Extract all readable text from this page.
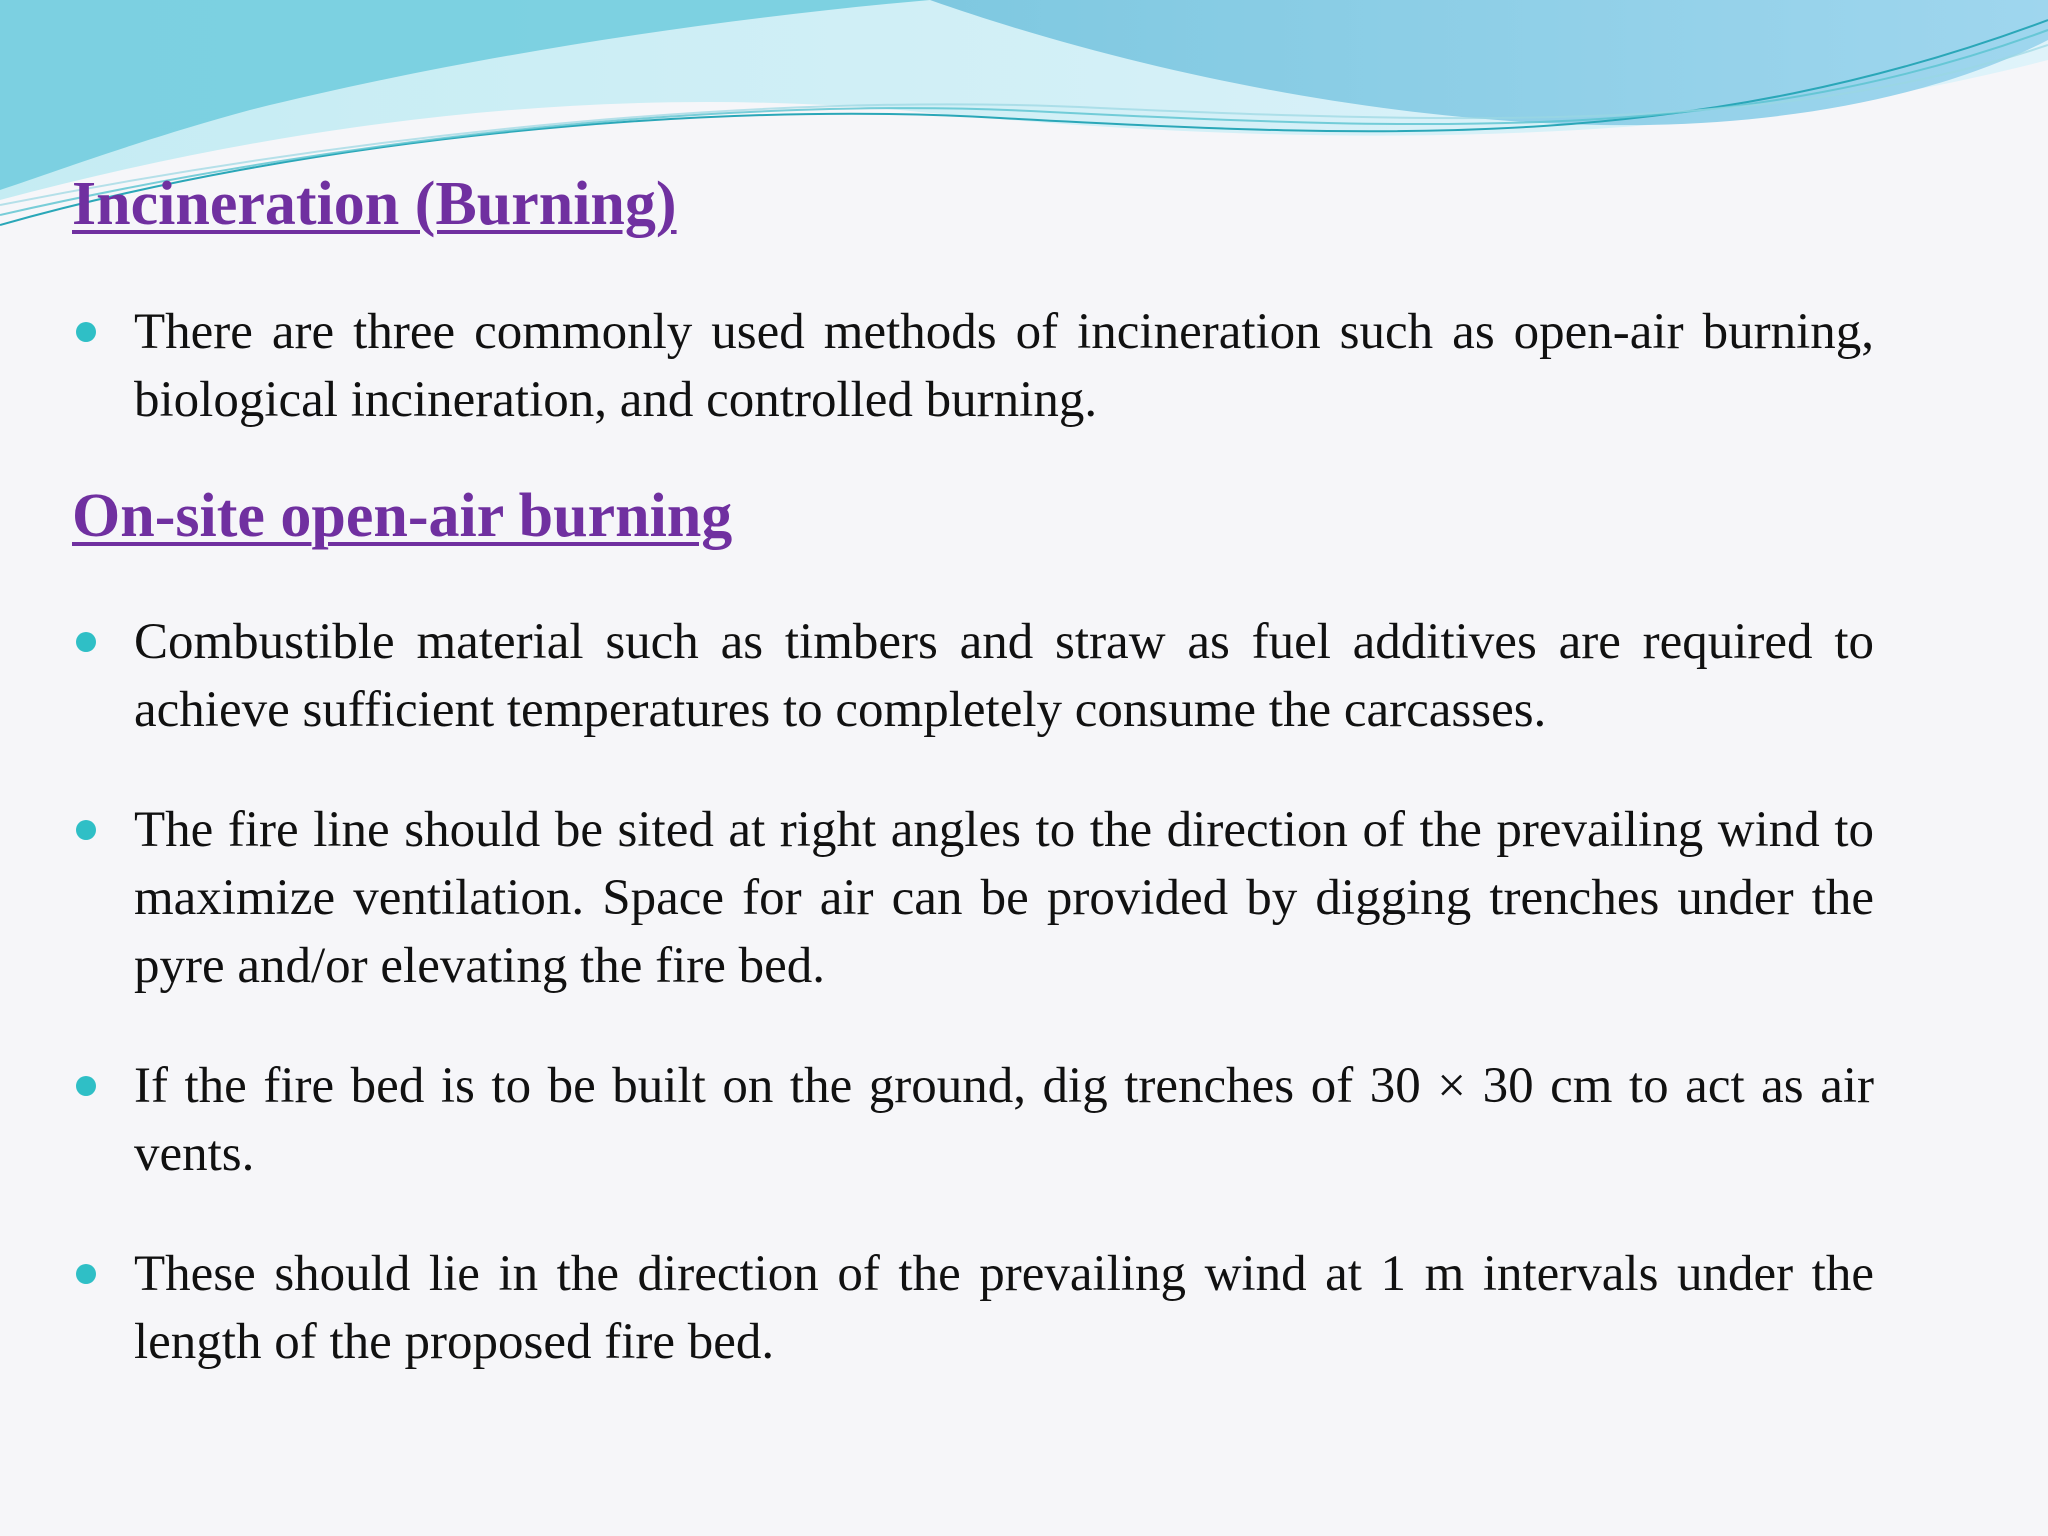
Incineration (Burning)
There are three commonly used methods of incineration such as open-air burning, biological incineration, and controlled burning.
On-site open-air burning
Combustible material such as timbers and straw as fuel additives are required to achieve sufficient temperatures to completely consume the carcasses.
The fire line should be sited at right angles to the direction of the prevailing wind to maximize ventilation. Space for air can be provided by digging trenches under the pyre and/or elevating the fire bed.
If the fire bed is to be built on the ground, dig trenches of 30 × 30 cm to act as air vents.
These should lie in the direction of the prevailing wind at 1 m intervals under the length of the proposed fire bed.
